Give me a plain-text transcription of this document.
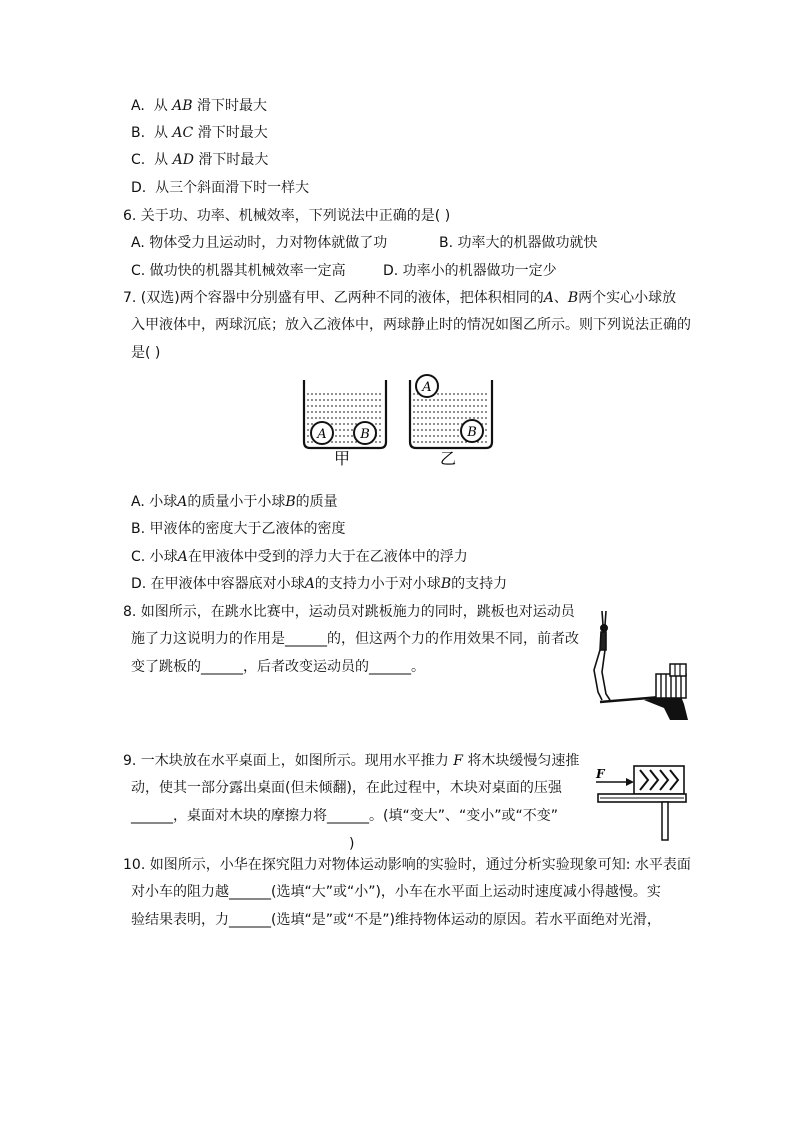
A. 从 AB 滑下时最大
B. 从 AC 滑下时最大
C. 从 AD 滑下时最大
D. 从三个斜面滑下时一样大
6. 关于功、功率、机械效率，下列说法中正确的是( )
A. 物体受力且运动时，力对物体就做了功	B. 功率大的机器做功就快
C. 做功快的机器其机械效率一定高	D. 功率小的机器做功一定少
7. (双选)两个容器中分别盛有甲、乙两种不同的液体，把体积相同的A、B两个实心小球放
入甲液体中，两球沉底；放入乙液体中，两球静止时的情况如图乙所示。则下列说法正确的
是( )
A	B
甲
A
B
乙
A. 小球A的质量小于小球B的质量
B. 甲液体的密度大于乙液体的密度
C. 小球A在甲液体中受到的浮力大于在乙液体中的浮力
D. 在甲液体中容器底对小球A的支持力小于对小球B的支持力
8. 如图所示，在跳水比赛中，运动员对跳板施力的同时，跳板也对运动员
施了力这说明力的作用是______的，但这两个力的作用效果不同，前者改
变了跳板的______，后者改变运动员的______。
9. 一木块放在水平桌面上，如图所示。现用水平推力 F 将木块缓慢匀速推
动，使其一部分露出桌面(但未倾翻)，在此过程中，木块对桌面的压强
______，桌面对木块的摩擦力将______。(填“变大”、“变小”或“不变”
)
F
10. 如图所示，小华在探究阻力对物体运动影响的实验时，通过分析实验现象可知: 水平表面
对小车的阻力越______(选填“大”或“小”)，小车在水平面上运动时速度减小得越慢。实
验结果表明，力______(选填“是”或“不是”)维持物体运动的原因。若水平面绝对光滑，
